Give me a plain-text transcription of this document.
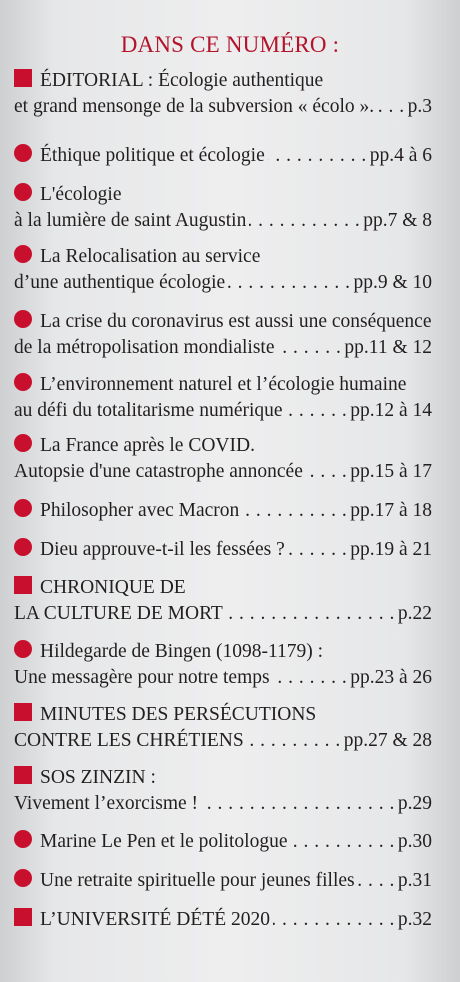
DANS CE NUMÉRO :
ÉDITORIAL : Écologie authentique
et grand mensonge de la subversion « écolo ». . . . p.3
Éthique politique et écologie . . .	pp.4 à 6
L'écologie
à la lumière de saint Augustin . . .	pp.7 & 8
La Relocalisation au service
d’une authentique écologie . . .	pp.9 & 10
La crise du coronavirus est aussi une conséquence
de la métropolisation mondialiste . . .	pp.11 & 12
L’environnement naturel et l’écologie humaine
au défi du totalitarisme numérique . . .	pp.12 à 14
La France après le COVID.
Autopsie d'une catastrophe annoncée . . . pp.15 à 17
Philosopher avec Macron . . .	pp.17 à 18
Dieu approuve-t-il les fessées ? . . .	pp.19 à 21
CHRONIQUE DE
LA CULTURE DE MORT . . .	p.22
Hildegarde de Bingen (1098-1179) :
Une messagère pour notre temps . . .	pp.23 à 26
MINUTES DES PERSÉCUTIONS
CONTRE LES CHRÉTIENS . . .	pp.27 & 28
SOS ZINZIN :
Vivement l’exorcisme ! . . .	p.29
Marine Le Pen et le politologue . . .	p.30
Une retraite spirituelle pour jeunes filles . . . p.31
L’UNIVERSITÉ DÉTÉ 2020 . . .	p.32
